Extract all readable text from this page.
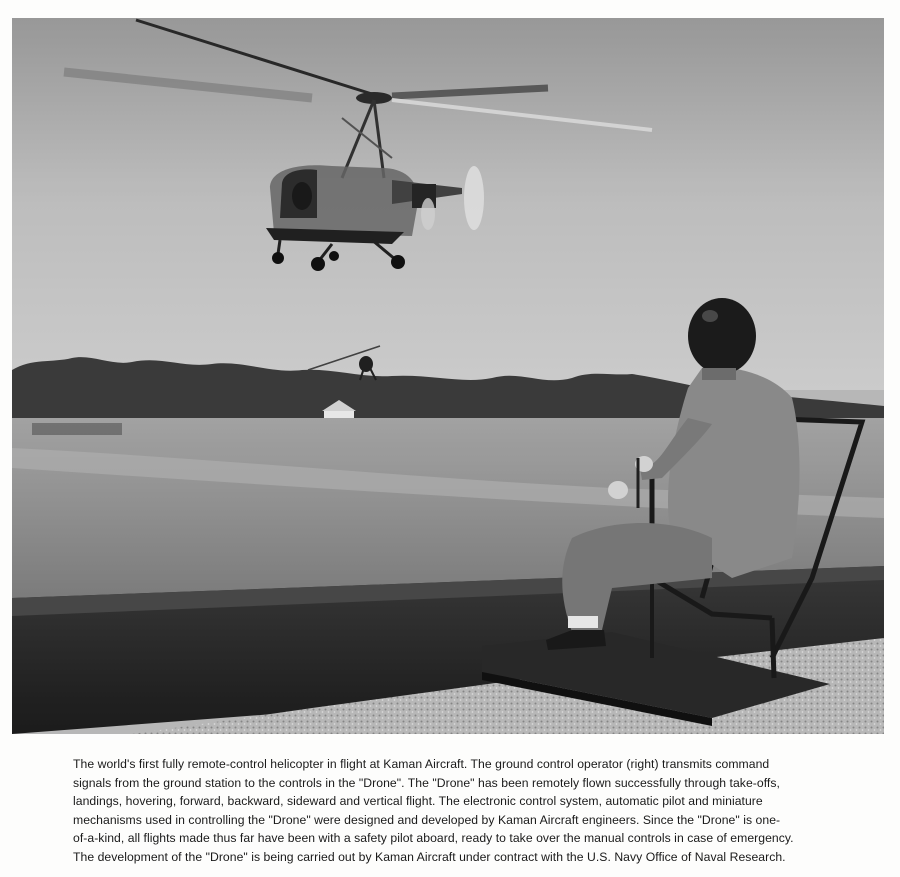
The world's first fully remote-control helicopter in flight at Kaman Aircraft. The ground control operator (right) transmits command
signals from the ground station to the controls in the "Drone". The "Drone" has been remotely flown successfully through take-offs,
landings, hovering, forward, backward, sideward and vertical flight. The electronic control system, automatic pilot and miniature
mechanisms used in controlling the "Drone" were designed and developed by Kaman Aircraft engineers. Since the "Drone" is one-
of-a-kind, all flights made thus far have been with a safety pilot aboard, ready to take over the manual controls in case of emergency.
The development of the "Drone" is being carried out by Kaman Aircraft under contract with the U.S. Navy Office of Naval Research.
